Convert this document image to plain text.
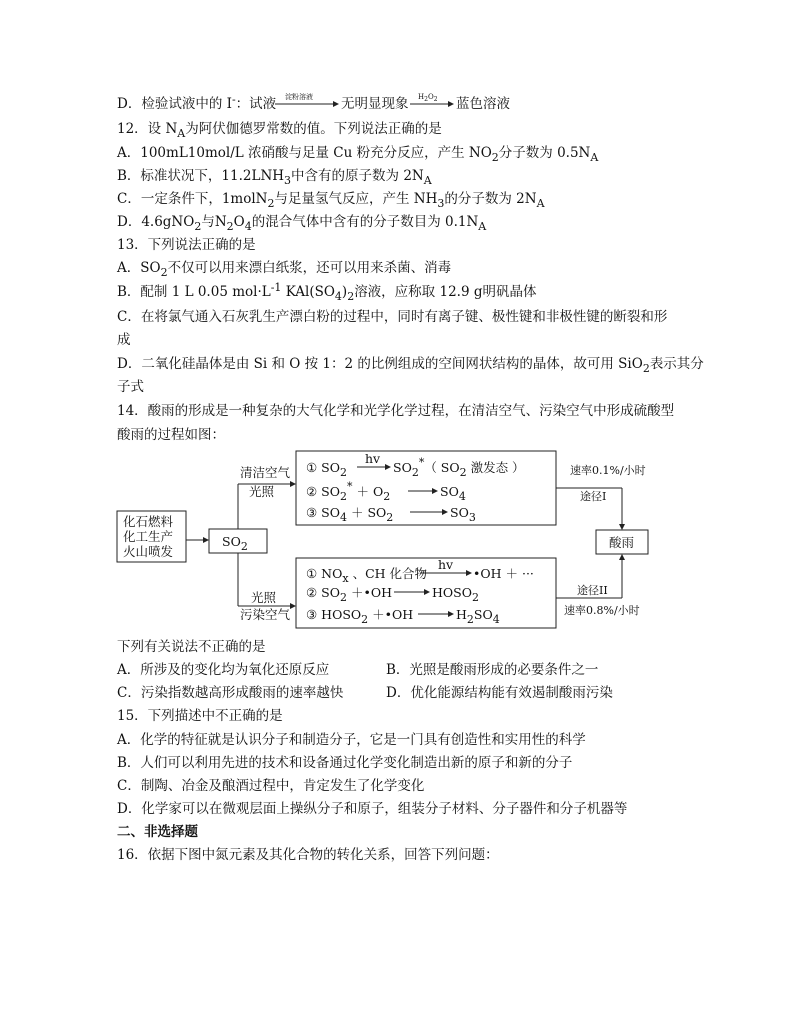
D．检验试液中的 I-：试液 淀粉溶液 无明显现象 H2O2 蓝色溶液
12．设 $N_A$为阿伏伽德罗常数的值。下列说法正确的是
A．100mL10mol/L 浓硝酸与足量 Cu 粉充分反应，产生 $NO_2$分子数为 $0.5N_A$
B．标准状况下，$11.2LNH_3$中含有的原子数为 $2N_A$
C．一定条件下，1molN$_2$与足量氢气反应，产生 $NH_3$的分子数为 $2N_A$
D．4.6gNO$_2$与$N_2O_4$的混合气体中含有的分子数目为 $0.1N_A$
13．下列说法正确的是
A．$SO_2$不仅可以用来漂白纸浆，还可以用来杀菌、消毒
B．配制 1 L 0.05 $mol\cdot L^{-1}$ $KAl(SO_4)_2$溶液，应称取 12.9 g明矾晶体
C．在将氯气通入石灰乳生产漂白粉的过程中，同时有离子键、极性键和非极性键的断裂和形
成
D．二氧化硅晶体是由 Si 和 O 按 1：2 的比例组成的空间网状结构的晶体，故可用 SiO$_2$表示其分
子式
14．酸雨的形成是一种复杂的大气化学和光学化学过程，在清洁空气、污染空气中形成硫酸型
酸雨的过程如图：
化石燃料
化工生产
火山喷发
SO2
清洁空气
光照
光照
污染空气
① SO2
hv
SO2*（ SO2 激发态 ）
② SO2* ＋ O2	SO4
③ SO4 ＋ SO2	SO3
① NOx 、CH 化合物
hv
•OH ＋ ···
② SO2 ＋•OH	HOSO2
③ HOSO2 ＋•OH	H2SO4
速率0.1%/小时
途径I
酸雨
途径II
速率0.8%/小时
下列有关说法不正确的是
A．所涉及的变化均为氧化还原反应	B．光照是酸雨形成的必要条件之一
C．污染指数越高形成酸雨的速率越快	D．优化能源结构能有效遏制酸雨污染
15．下列描述中不正确的是
A．化学的特征就是认识分子和制造分子，它是一门具有创造性和实用性的科学
B．人们可以利用先进的技术和设备通过化学变化制造出新的原子和新的分子
C．制陶、冶金及酿酒过程中，肯定发生了化学变化
D．化学家可以在微观层面上操纵分子和原子，组装分子材料、分子器件和分子机器等
二、非选择题
16．依据下图中氮元素及其化合物的转化关系，回答下列问题：
